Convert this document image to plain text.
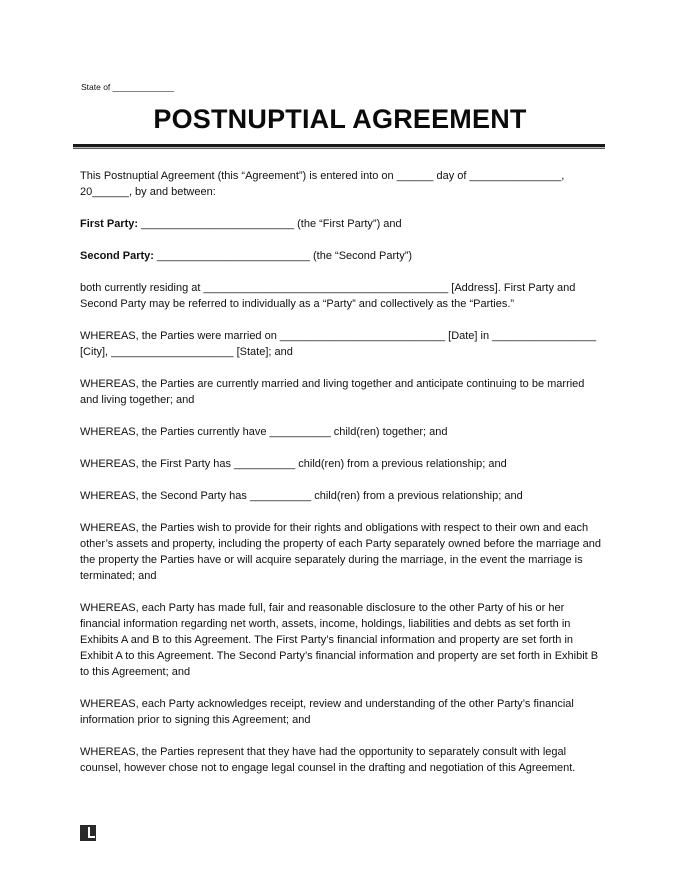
State of _____________
POSTNUPTIAL AGREEMENT

This Postnuptial Agreement (this “Agreement”) is entered into on ______ day of _______________, 20______, by and between:

First Party: _________________________ (the “First Party”) and

Second Party: _________________________ (the “Second Party”)

both currently residing at ________________________________________ [Address]. First Party and Second Party may be referred to individually as a “Party” and collectively as the “Parties.”

WHEREAS, the Parties were married on ___________________________ [Date] in _________________ [City], ____________________ [State]; and

WHEREAS, the Parties are currently married and living together and anticipate continuing to be married and living together; and

WHEREAS, the Parties currently have __________ child(ren) together; and

WHEREAS, the First Party has __________ child(ren) from a previous relationship; and

WHEREAS, the Second Party has __________ child(ren) from a previous relationship; and

WHEREAS, the Parties wish to provide for their rights and obligations with respect to their own and each other’s assets and property, including the property of each Party separately owned before the marriage and the property the Parties have or will acquire separately during the marriage, in the event the marriage is terminated; and

WHEREAS, each Party has made full, fair and reasonable disclosure to the other Party of his or her financial information regarding net worth, assets, income, holdings, liabilities and debts as set forth in Exhibits A and B to this Agreement. The First Party’s financial information and property are set forth in Exhibit A to this Agreement. The Second Party’s financial information and property are set forth in Exhibit B to this Agreement; and

WHEREAS, each Party acknowledges receipt, review and understanding of the other Party’s financial information prior to signing this Agreement; and

WHEREAS, the Parties represent that they have had the opportunity to separately consult with legal counsel, however chose not to engage legal counsel in the drafting and negotiation of this Agreement.
